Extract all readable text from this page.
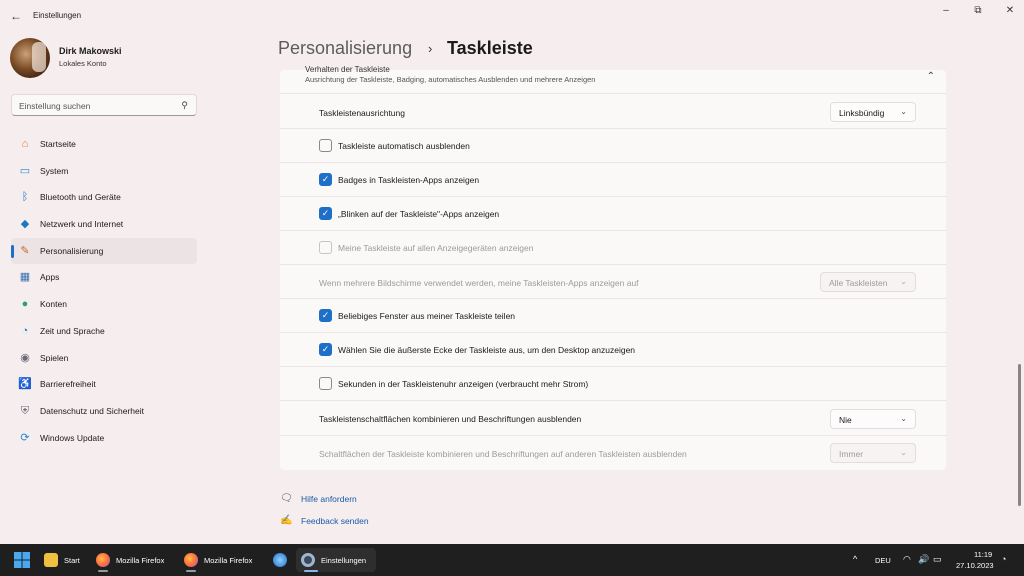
← Einstellungen	–	⧉	✕
Dirk Makowski
Lokales Konto
Einstellung suchen	⚲
⌂	Startseite
▭ System
ᛒ	Bluetooth und Geräte
◆	Netzwerk und Internet
✎ Personalisierung
▦ Apps
●	Konten
◔	Zeit und Sprache
◉ Spielen
♿ Barrierefreiheit
⛨	Datenschutz und Sicherheit
⟳ Windows Update
Personalisierung › Taskleiste
Verhalten der Taskleiste
Ausrichtung der Taskleiste, Badging, automatisches Ausblenden und mehrere Anzeigen	⌃
Taskleistenausrichtung	Linksbündig ⌄
Taskleiste automatisch ausblenden
✓	Badges in Taskleisten-Apps anzeigen
✓	„Blinken auf der Taskleiste"-Apps anzeigen
Meine Taskleiste auf allen Anzeigegeräten anzeigen
Wenn mehrere Bildschirme verwendet werden, meine Taskleisten-Apps anzeigen auf	Alle Taskleisten ⌄
✓	Beliebiges Fenster aus meiner Taskleiste teilen
✓	Wählen Sie die äußerste Ecke der Taskleiste aus, um den Desktop anzuzeigen
Sekunden in der Taskleistenuhr anzeigen (verbraucht mehr Strom)
Taskleistenschaltflächen kombinieren und Beschriftungen ausblenden	Nie	⌄
Schaltflächen der Taskleiste kombinieren und Beschriftungen auf anderen Taskleisten ausblenden	Immer	⌄
🗨 Hilfe anfordern
✍ Feedback senden
Start	Mozilla Firefox	Mozilla Firefox	Einstellungen	^ DEU ◠ 🔊 ▭	11:19
27.10.2023
◔
